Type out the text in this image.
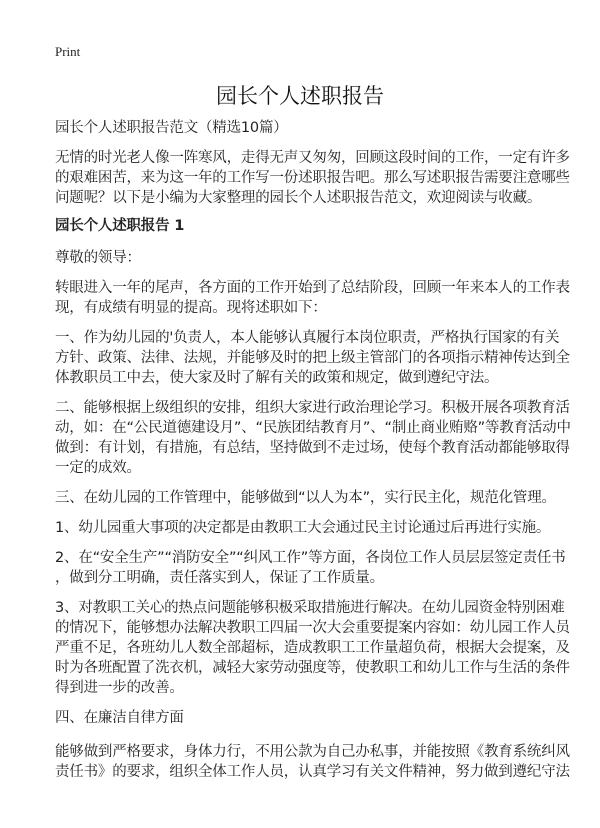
Print
园长个人述职报告
园长个人述职报告范文（精选10篇）
无情的时光老人像一阵寒风，走得无声又匆匆，回顾这段时间的工作，一定有许多
的艰难困苦，来为这一年的工作写一份述职报告吧。那么写述职报告需要注意哪些
问题呢？以下是小编为大家整理的园长个人述职报告范文，欢迎阅读与收藏。
园长个人述职报告 1
尊敬的领导：
转眼进入一年的尾声，各方面的工作开始到了总结阶段，回顾一年来本人的工作表
现，有成绩有明显的提高。现将述职如下：
一、作为幼儿园的'负责人，本人能够认真履行本岗位职责，严格执行国家的有关
方针、政策、法律、法规，并能够及时的把上级主管部门的各项指示精神传达到全
体教职员工中去，使大家及时了解有关的政策和规定，做到遵纪守法。
二、能够根据上级组织的安排，组织大家进行政治理论学习。积极开展各项教育活
动，如：在“公民道德建设月”、“民族团结教育月”、“制止商业贿赂”等教育活动中
做到：有计划，有措施，有总结，坚持做到不走过场，使每个教育活动都能够取得
一定的成效。
三、在幼儿园的工作管理中，能够做到“以人为本”，实行民主化，规范化管理。
1、幼儿园重大事项的决定都是由教职工大会通过民主讨论通过后再进行实施。
2、在“安全生产”“消防安全”“纠风工作”等方面，各岗位工作人员层层签定责任书
，做到分工明确，责任落实到人，保证了工作质量。
3、对教职工关心的热点问题能够积极采取措施进行解决。在幼儿园资金特别困难
的情况下，能够想办法解决教职工四届一次大会重要提案内容如：幼儿园工作人员
严重不足，各班幼儿人数全部超标，造成教职工工作量超负荷，根据大会提案，及
时为各班配置了洗衣机，减轻大家劳动强度等，使教职工和幼儿工作与生活的条件
得到进一步的改善。
四、在廉洁自律方面
能够做到严格要求，身体力行，不用公款为自己办私事，并能按照《教育系统纠风
责任书》的要求，组织全体工作人员，认真学习有关文件精神，努力做到遵纪守法
